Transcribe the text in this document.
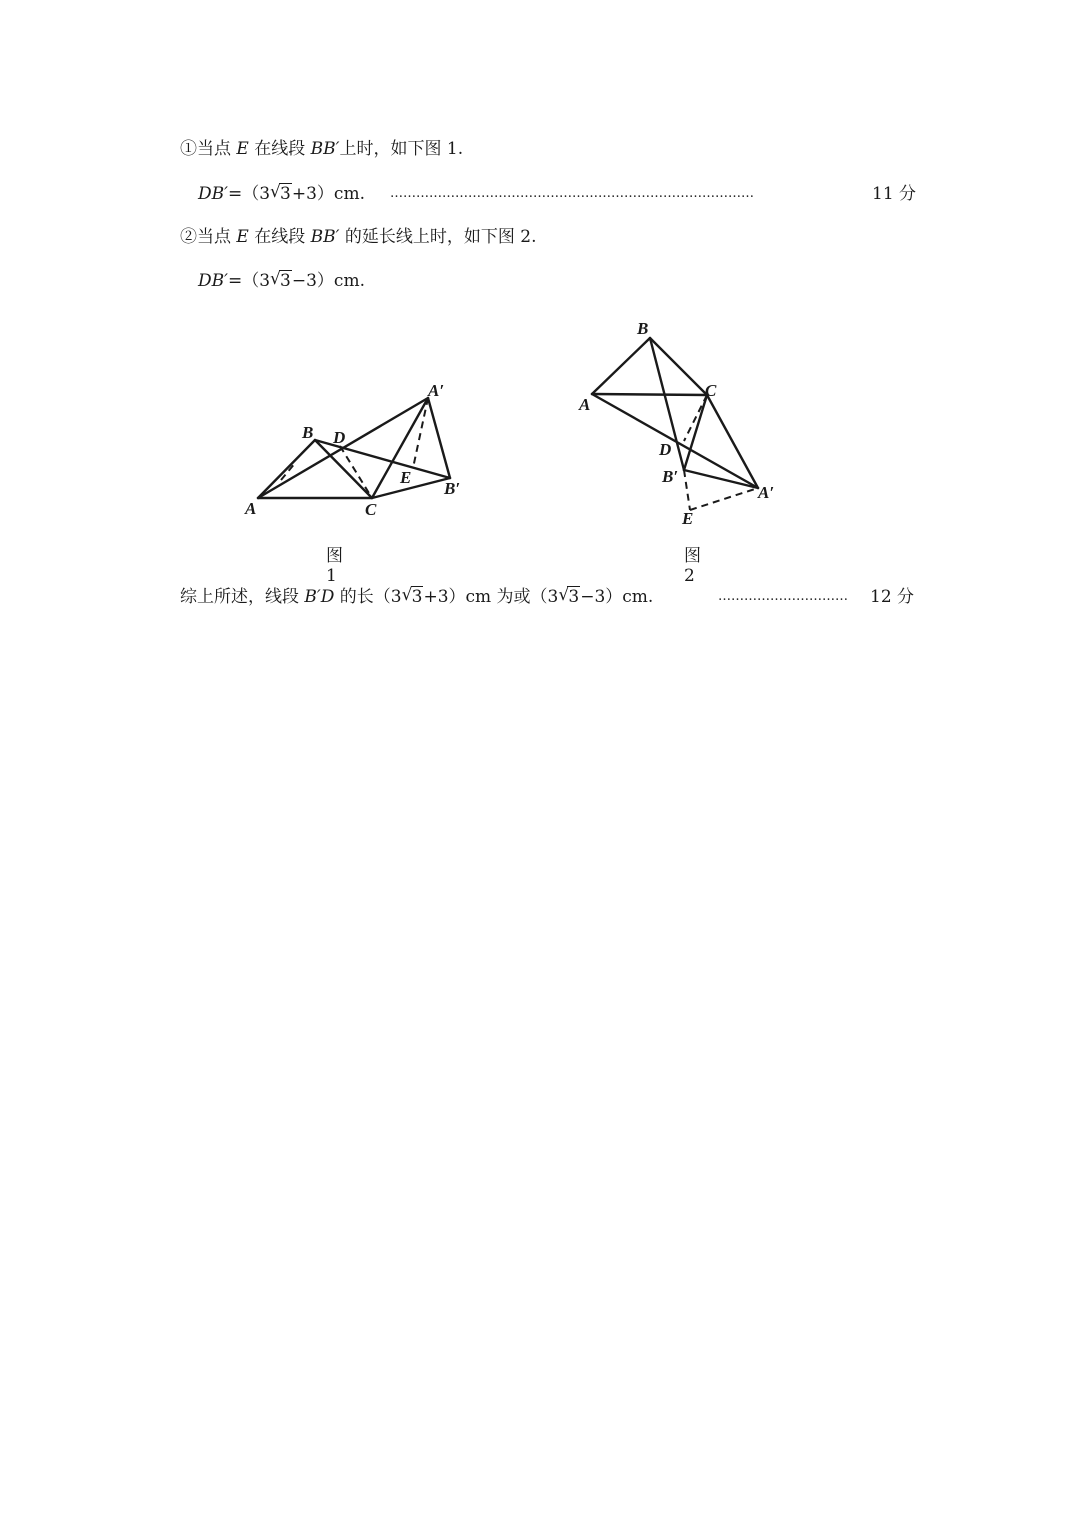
①当点 E 在线段 BB′上时，如下图 1.
DB′=（3 √ 3+3）cm. …………………………………………………………………………	11 分
②当点 E 在线段 BB′ 的延长线上时，如下图 2.
DB′=（3 √ 3−3）cm.
A
B
C
D
E
A′
B′
图 1
B
A
C
D
B′
A′
E
图 2
综上所述，线段 B′D 的长（3 √ 3+3）cm 为或（3 √ 3−3）cm.	…………………………	12 分
